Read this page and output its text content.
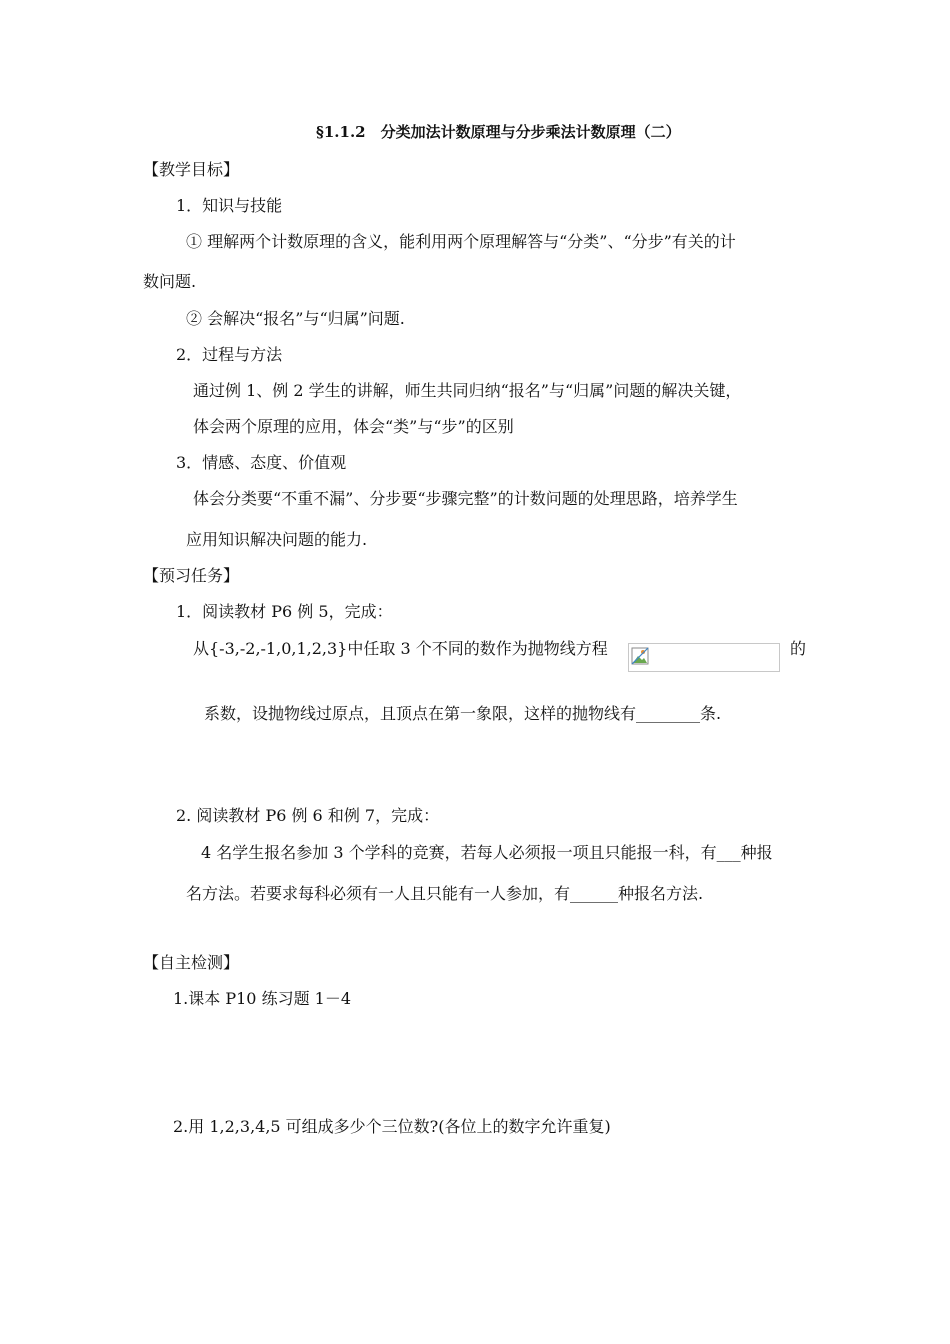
§1.1.2　分类加法计数原理与分步乘法计数原理（二）
【教学目标】
1．知识与技能
① 理解两个计数原理的含义，能利用两个原理解答与“分类”、“分步”有关的计
数问题.
② 会解决“报名”与“归属”问题.
2．过程与方法
通过例 1、例 2 学生的讲解，师生共同归纳“报名”与“归属”问题的解决关键，
体会两个原理的应用，体会“类”与“步”的区别
3．情感、态度、价值观
体会分类要“不重不漏”、分步要“步骤完整”的计数问题的处理思路，培养学生
应用知识解决问题的能力.
【预习任务】
1．阅读教材 P6 例 5，完成：
从{-3,-2,-1,0,1,2,3}中任取 3 个不同的数作为抛物线方程	的
系数，设抛物线过原点，且顶点在第一象限，这样的抛物线有________条.
2. 阅读教材 P6 例 6 和例 7，完成：
4 名学生报名参加 3 个学科的竞赛，若每人必须报一项且只能报一科，有___种报
名方法。若要求每科必须有一人且只能有一人参加，有______种报名方法.
【自主检测】
1.课本 P10 练习题 1－4
2.用 1,2,3,4,5 可组成多少个三位数?(各位上的数字允许重复)
